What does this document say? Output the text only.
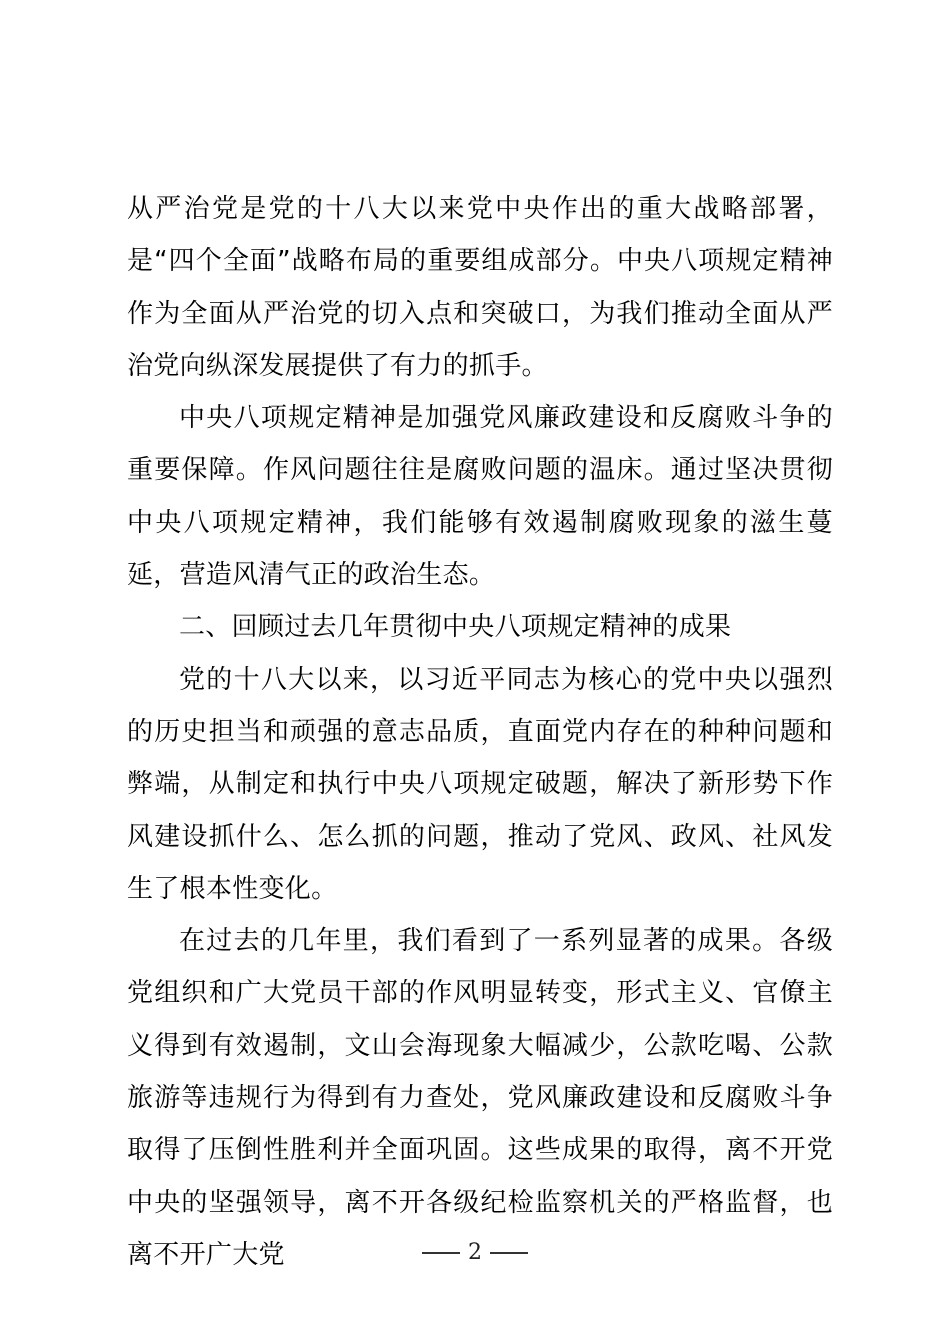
从严治党是党的十八大以来党中央作出的重大战略部署，是“四个全面”战略布局的重要组成部分。中央八项规定精神作为全面从严治党的切入点和突破口，为我们推动全面从严治党向纵深发展提供了有力的抓手。

中央八项规定精神是加强党风廉政建设和反腐败斗争的重要保障。作风问题往往是腐败问题的温床。通过坚决贯彻中央八项规定精神，我们能够有效遏制腐败现象的滋生蔓延，营造风清气正的政治生态。

二、回顾过去几年贯彻中央八项规定精神的成果

党的十八大以来，以习近平同志为核心的党中央以强烈的历史担当和顽强的意志品质，直面党内存在的种种问题和弊端，从制定和执行中央八项规定破题，解决了新形势下作风建设抓什么、怎么抓的问题，推动了党风、政风、社风发生了根本性变化。

在过去的几年里，我们看到了一系列显著的成果。各级党组织和广大党员干部的作风明显转变，形式主义、官僚主义得到有效遏制，文山会海现象大幅减少，公款吃喝、公款旅游等违规行为得到有力查处，党风廉政建设和反腐败斗争取得了压倒性胜利并全面巩固。这些成果的取得，离不开党中央的坚强领导，离不开各级纪检监察机关的严格监督，也离不开广大党	2
